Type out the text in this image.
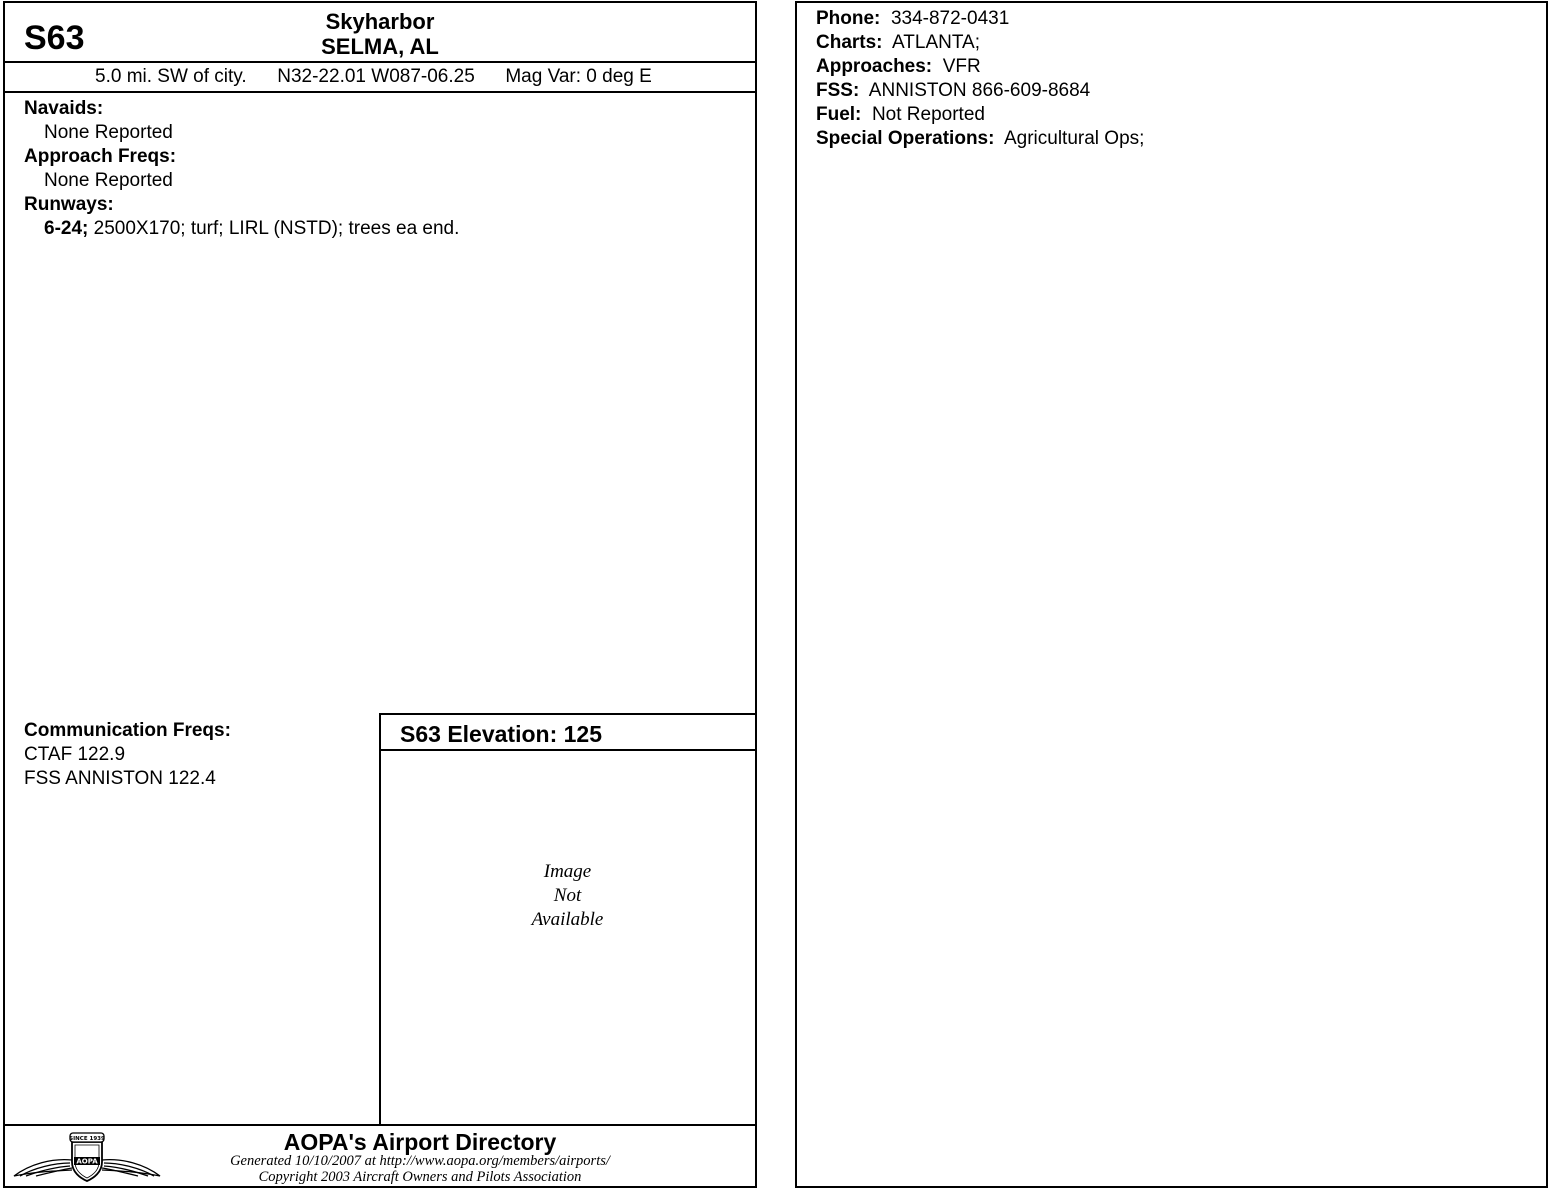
S63	Skyharbor
SELMA, AL
5.0 mi. SW of city. N32-22.01 W087-06.25 Mag Var: 0 deg E
Navaids:
None Reported
Approach Freqs:
None Reported
Runways:
6-24; 2500X170; turf; LIRL (NSTD); trees ea end.
Communication Freqs:
CTAF 122.9
FSS ANNISTON 122.4
S63 Elevation: 125
Image
Not
Available
SINCE 1939
AOPA
AOPA's Airport Directory
Generated 10/10/2007 at http://www.aopa.org/members/airports/
Copyright 2003 Aircraft Owners and Pilots Association
Phone: 334-872-0431
Charts: ATLANTA;
Approaches: VFR
FSS: ANNISTON 866-609-8684
Fuel: Not Reported
Special Operations: Agricultural Ops;
